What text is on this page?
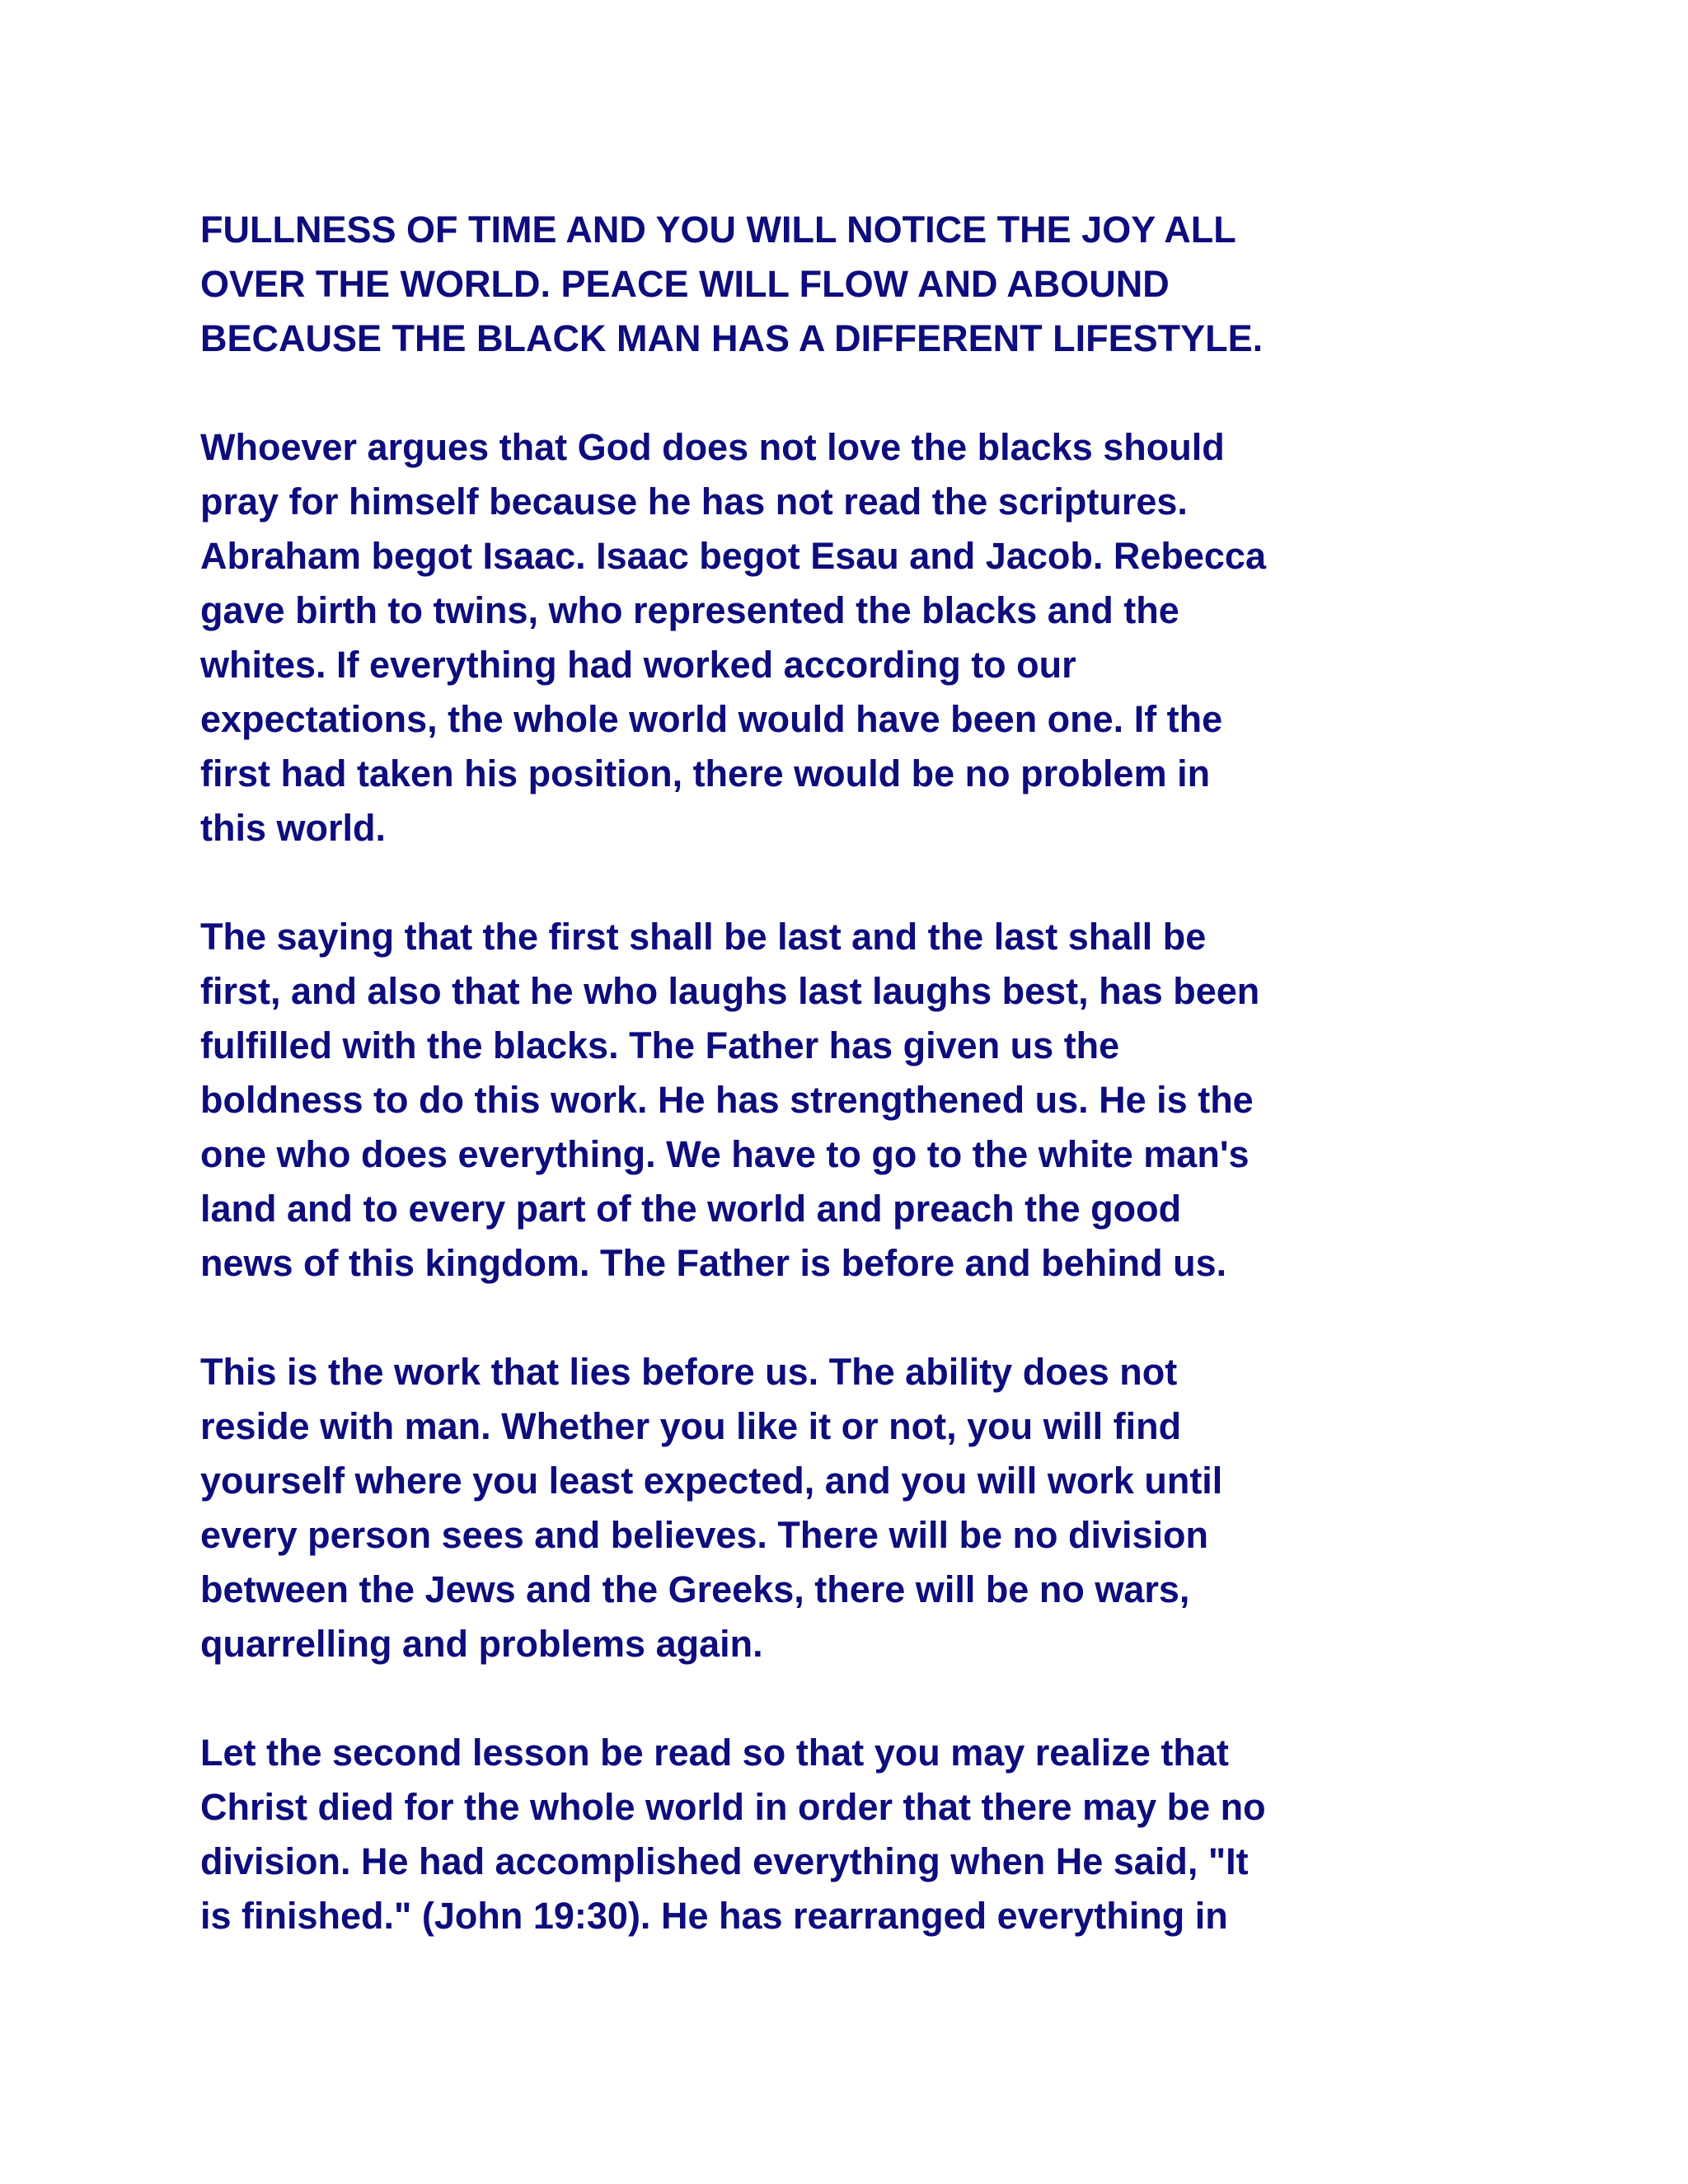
FULLNESS OF TIME AND YOU WILL NOTICE THE JOY ALL
OVER THE WORLD. PEACE WILL FLOW AND ABOUND
BECAUSE THE BLACK MAN HAS A DIFFERENT LIFESTYLE.
Whoever argues that God does not love the blacks should
pray for himself because he has not read the scriptures.
Abraham begot Isaac. Isaac begot Esau and Jacob. Rebecca
gave birth to twins, who represented the blacks and the
whites. If everything had worked according to our
expectations, the whole world would have been one. If the
first had taken his position, there would be no problem in
this world.
The saying that the first shall be last and the last shall be
first, and also that he who laughs last laughs best, has been
fulfilled with the blacks. The Father has given us the
boldness to do this work. He has strengthened us. He is the
one who does everything. We have to go to the white man's
land and to every part of the world and preach the good
news of this kingdom. The Father is before and behind us.
This is the work that lies before us. The ability does not
reside with man. Whether you like it or not, you will find
yourself where you least expected, and you will work until
every person sees and believes. There will be no division
between the Jews and the Greeks, there will be no wars,
quarrelling and problems again.
Let the second lesson be read so that you may realize that
Christ died for the whole world in order that there may be no
division. He had accomplished everything when He said, "It
is finished." (John 19:30). He has rearranged everything in
